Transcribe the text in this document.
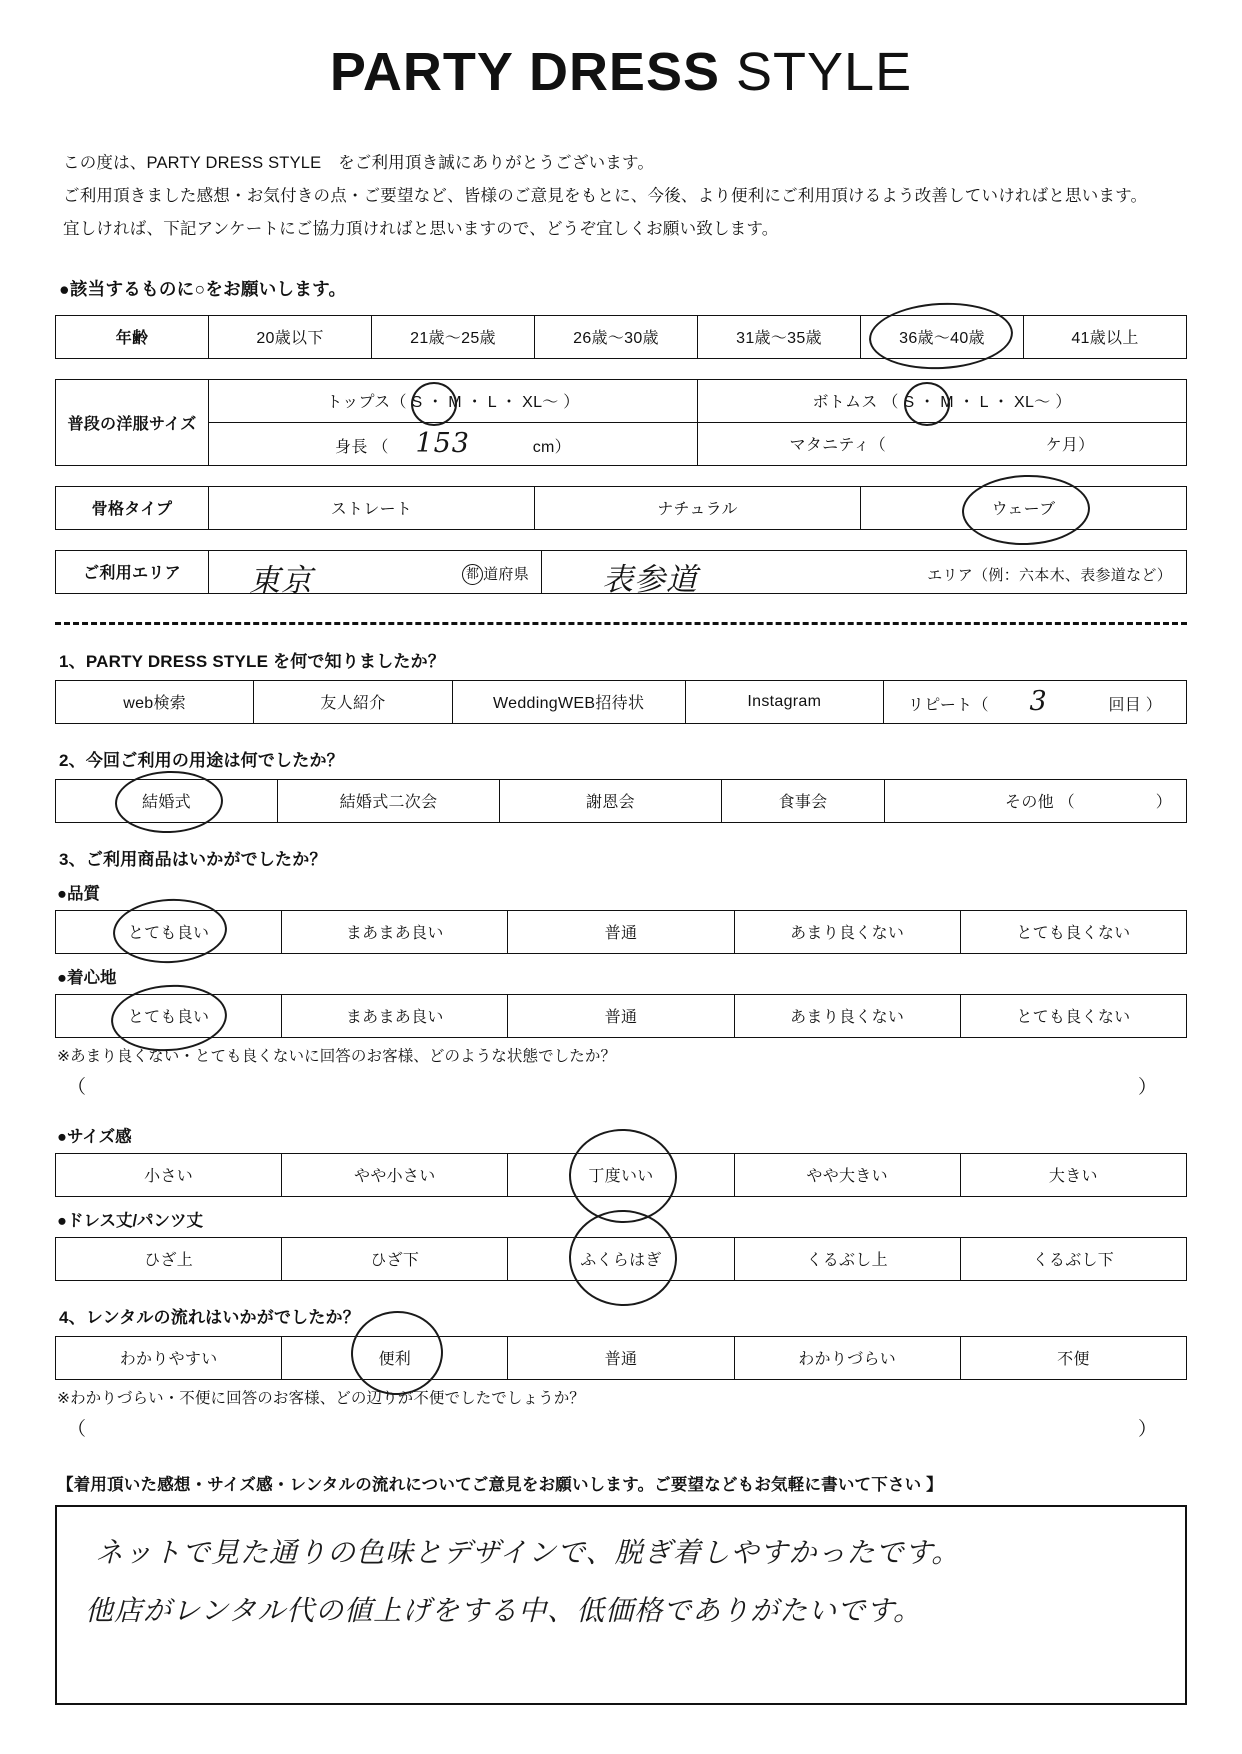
PARTY DRESS STYLE
この度は、PARTY DRESS STYLE　をご利用頂き誠にありがとうございます。
ご利用頂きました感想・お気付きの点・ご要望など、皆様のご意見をもとに、今後、より便利にご利用頂けるよう改善していければと思います。
宜しければ、下記アンケートにご協力頂ければと思いますので、どうぞ宜しくお願い致します。
●該当するものに○をお願いします。
年齢	20歳以下	21歳〜25歳	26歳〜30歳	31歳〜35歳	36歳〜40歳	41歳以上
普段の洋服サイズ	トップス（ S ・ M ・ L ・ XL〜 ）	ボトムス （ S ・ M ・ L ・ XL〜 ）

	身長 （ 153 cm）	マタニティ（ ケ月）
骨格タイプ	ストレート	ナチュラル	ウェーブ
ご利用エリア	東京	都 道府県	表参道	エリア（例：六本木、表参道など）
1、PARTY DRESS STYLE を何で知りましたか？
web検索	友人紹介	WeddingWEB招待状	Instagram	リピート（ 3	回目 ）
2、今回ご利用の用途は何でしたか？
結婚式	結婚式二次会	謝恩会	食事会	その他 （	）
3、ご利用商品はいかがでしたか？
●品質
とても良い	まあまあ良い	普通	あまり良くない	とても良くない
●着心地
とても良い	まあまあ良い	普通	あまり良くない	とても良くない
※あまり良くない・とても良くないに回答のお客様、どのような状態でしたか？
（	）
●サイズ感
小さい	やや小さい	丁度いい	やや大きい	大きい
●ドレス丈/パンツ丈
ひざ上	ひざ下	ふくらはぎ	くるぶし上	くるぶし下
4、レンタルの流れはいかがでしたか？
わかりやすい	便利	普通	わかりづらい	不便
※わかりづらい・不便に回答のお客様、どの辺りが不便でしたでしょうか？
（	）
【着用頂いた感想・サイズ感・レンタルの流れについてご意見をお願いします。ご要望などもお気軽に書いて下さい 】
ネットで見た通りの色味とデザインで、脱ぎ着しやすかったです。
他店がレンタル代の値上げをする中、低価格でありがたいです。
